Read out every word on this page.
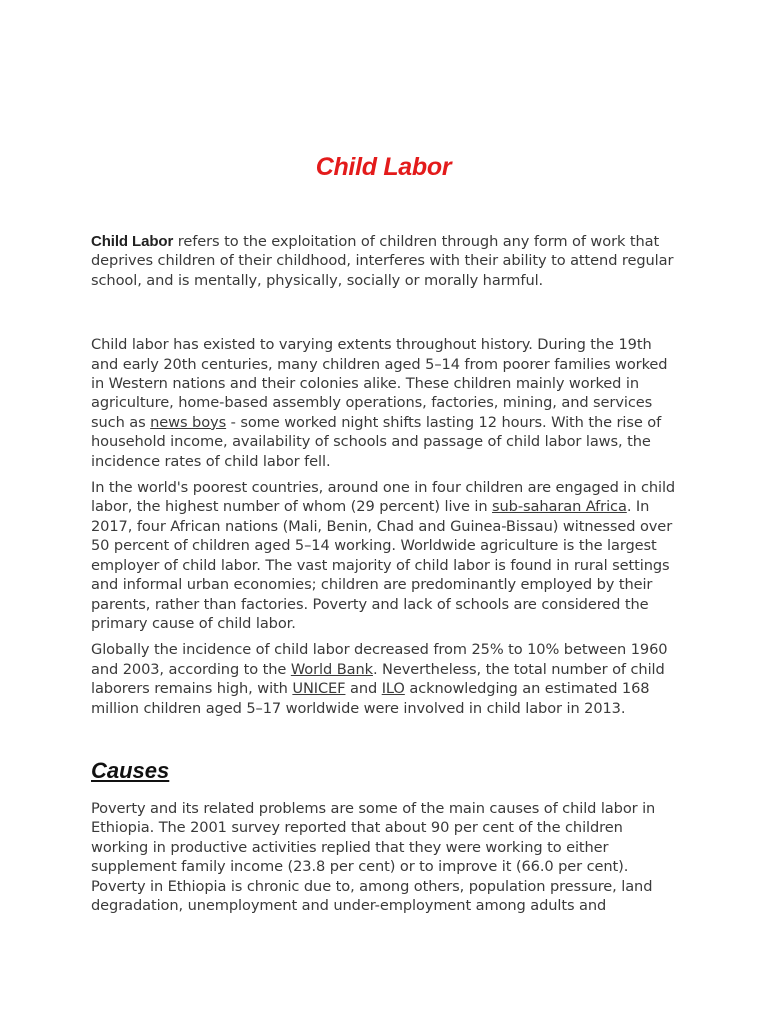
Child Labor

Child Labor refers to the exploitation of children through any form of work that deprives children of their childhood, interferes with their ability to attend regular school, and is mentally, physically, socially or morally harmful.

Child labor has existed to varying extents throughout history. During the 19th and early 20th centuries, many children aged 5–14 from poorer families worked in Western nations and their colonies alike. These children mainly worked in agriculture, home-based assembly operations, factories, mining, and services such as news boys - some worked night shifts lasting 12 hours. With the rise of household income, availability of schools and passage of child labor laws, the incidence rates of child labor fell.

In the world's poorest countries, around one in four children are engaged in child labor, the highest number of whom (29 percent) live in sub-saharan Africa. In 2017, four African nations (Mali, Benin, Chad and Guinea-Bissau) witnessed over 50 percent of children aged 5–14 working. Worldwide agriculture is the largest employer of child labor. The vast majority of child labor is found in rural settings and informal urban economies; children are predominantly employed by their parents, rather than factories. Poverty and lack of schools are considered the primary cause of child labor.

Globally the incidence of child labor decreased from 25% to 10% between 1960 and 2003, according to the World Bank. Nevertheless, the total number of child laborers remains high, with UNICEF and ILO acknowledging an estimated 168 million children aged 5–17 worldwide were involved in child labor in 2013.

Causes

Poverty and its related problems are some of the main causes of child labor in Ethiopia. The 2001 survey reported that about 90 per cent of the children working in productive activities replied that they were working to either supplement family income (23.8 per cent) or to improve it (66.0 per cent). Poverty in Ethiopia is chronic due to, among others, population pressure, land degradation, unemployment and under-employment among adults and
